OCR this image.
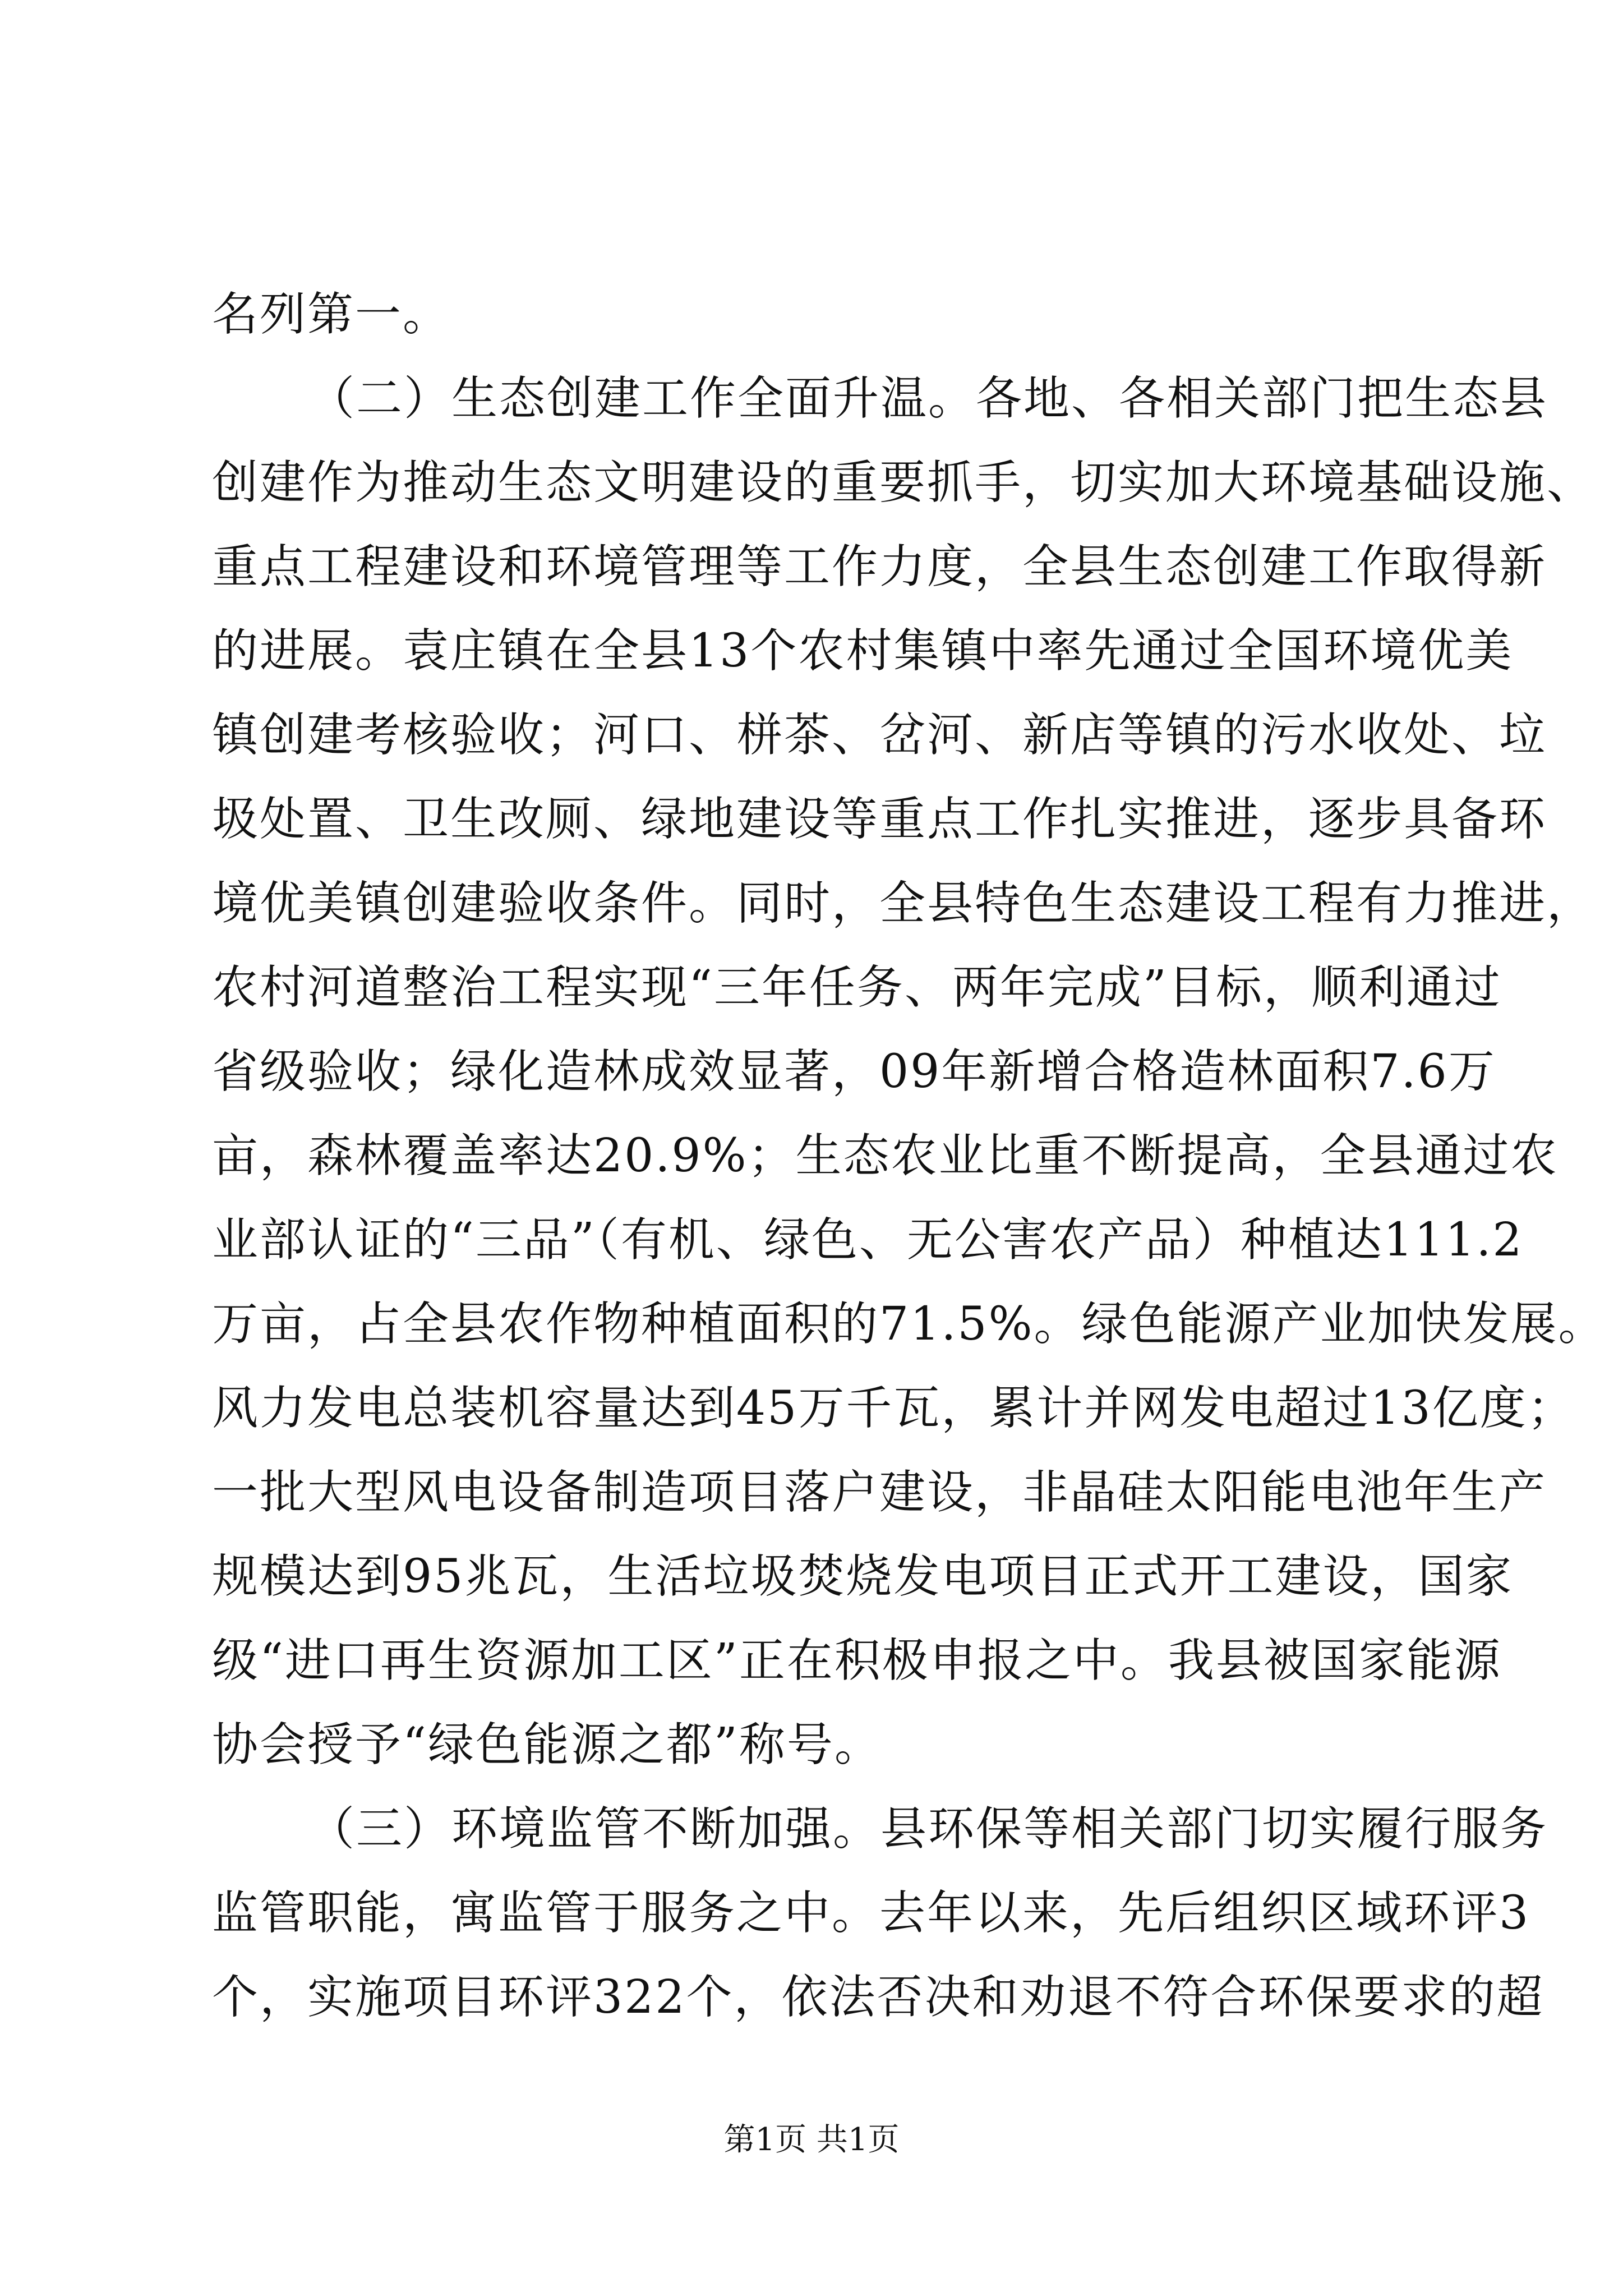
名列第一。
（二）生态创建工作全面升温。各地、各相关部门把生态县
创建作为推动生态文明建设的重要抓手，切实加大环境基础设施、
重点工程建设和环境管理等工作力度，全县生态创建工作取得新
的进展。袁庄镇在全县13个农村集镇中率先通过全国环境优美
镇创建考核验收；河口、栟茶、岔河、新店等镇的污水收处、垃
圾处置、卫生改厕、绿地建设等重点工作扎实推进，逐步具备环
境优美镇创建验收条件。同时，全县特色生态建设工程有力推进，
农村河道整治工程实现“三年任务、两年完成”目标，顺利通过
省级验收；绿化造林成效显著，09年新增合格造林面积7.6万
亩，森林覆盖率达20.9%；生态农业比重不断提高，全县通过农
业部认证的“三品”（有机、绿色、无公害农产品）种植达111.2
万亩，占全县农作物种植面积的71.5%。绿色能源产业加快发展。
风力发电总装机容量达到45万千瓦，累计并网发电超过13亿度；
一批大型风电设备制造项目落户建设，非晶硅太阳能电池年生产
规模达到95兆瓦，生活垃圾焚烧发电项目正式开工建设，国家
级“进口再生资源加工区”正在积极申报之中。我县被国家能源
协会授予“绿色能源之都”称号。
（三）环境监管不断加强。县环保等相关部门切实履行服务
监管职能，寓监管于服务之中。去年以来，先后组织区域环评3
个，实施项目环评322个，依法否决和劝退不符合环保要求的超
第1页 共1页
